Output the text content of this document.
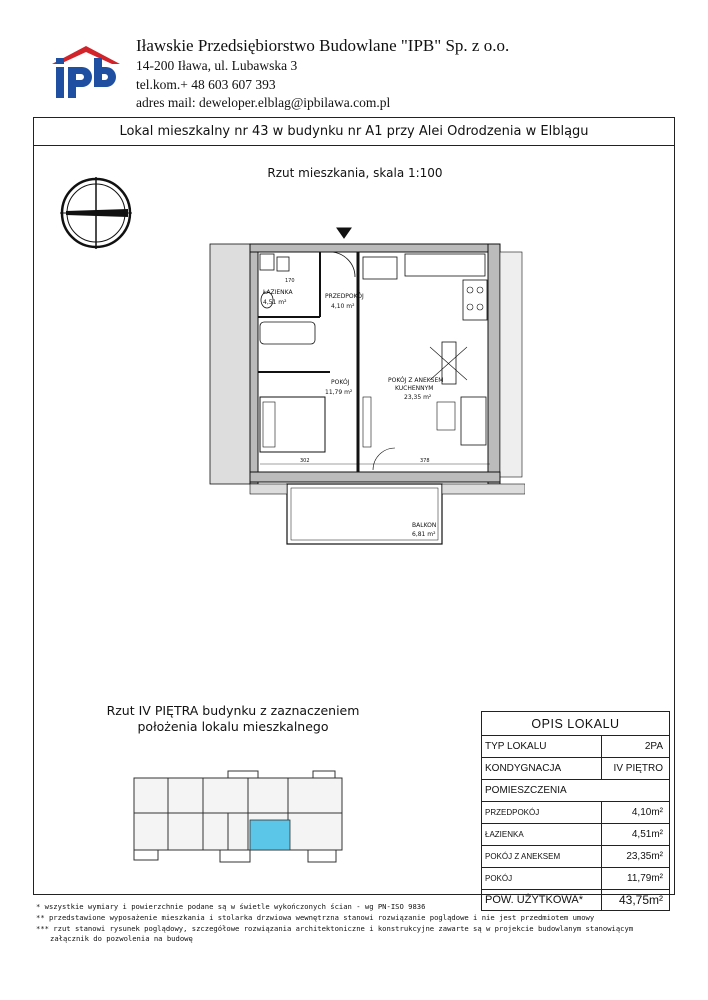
ipb	Iławskie Przedsiębiorstwo Budowlane "IPB" Sp. z o.o.
14-200 Iława, ul. Lubawska 3
tel.kom.+ 48 603 607 393
adres mail: deweloper.elblag@ipbilawa.com.pl
Lokal mieszkalny nr 43 w budynku nr A1 przy Alei Odrodzenia w Elblągu
Rzut mieszkania, skala 1:100
ŁAZIENKA
4,51 m²
PRZEDPOKÓJ
4,10 m²
POKÓJ
11,79 m²
POKÓJ Z ANEKSEM
KUCHENNYM
23,35 m²
BALKON
6,81 m²
302	378
170
Rzut IV PIĘTRA budynku z zaznaczeniem
położenia lokalu mieszkalnego	OPIS LOKALU	
TYP LOKALU	2PA
KONDYGNACJA	IV PIĘTRO
POMIESZCZENIA	
PRZEDPOKÓJ	4,10m²
ŁAZIENKA	4,51m²
POKÓJ Z ANEKSEM	23,35m²
POKÓJ	11,79m²
POW. UŻYTKOWA*	43,75m²
* wszystkie wymiary i powierzchnie podane są w świetle wykończonych ścian - wg PN-ISO 9836
** przedstawione wyposażenie mieszkania i stolarka drzwiowa wewnętrzna stanowi rozwiązanie poglądowe i nie jest przedmiotem umowy
*** rzut stanowi rysunek poglądowy, szczegółowe rozwiązania architektoniczne i konstrukcyjne zawarte są w projekcie budowlanym stanowiącym
załącznik do pozwolenia na budowę
